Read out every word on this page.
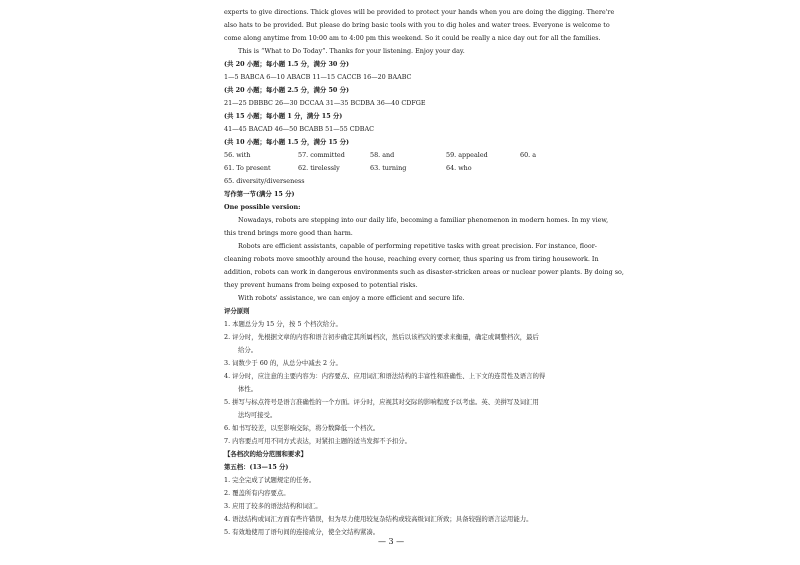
experts to give directions. Thick gloves will be provided to protect your hands when you are doing the digging. There're

also hats to be provided. But please do bring basic tools with you to dig holes and water trees. Everyone is welcome to

come along anytime from 10:00 am to 4:00 pm this weekend. So it could be really a nice day out for all the families.

This is “What to Do Today”. Thanks for your listening. Enjoy your day.

(共 20 小题；每小题 1.5 分，满分 30 分)

1—5 BABCA 6—10 ABACB 11—15 CACCB 16—20 BAABC

(共 20 小题；每小题 2.5 分，满分 50 分)

21—25 DBBBC 26—30 DCCAA 31—35 BCDBA 36—40 CDFGE

(共 15 小题；每小题 1 分，满分 15 分)

41—45 BACAD 46—50 BCABB 51—55 CDBAC

(共 10 小题；每小题 1.5 分，满分 15 分)

56. with	57. committed	58. and	59. appealed	60. a
61. To present	62. tirelessly	63. turning	64. who

65. diversity/diverseness

写作第一节(满分 15 分)

One possible version:

Nowadays, robots are stepping into our daily life, becoming a familiar phenomenon in modern homes. In my view,

this trend brings more good than harm.

Robots are efficient assistants, capable of performing repetitive tasks with great precision. For instance, floor-

cleaning robots move smoothly around the house, reaching every corner, thus sparing us from tiring housework. In

addition, robots can work in dangerous environments such as disaster-stricken areas or nuclear power plants. By doing so,

they prevent humans from being exposed to potential risks.

With robots' assistance, we can enjoy a more efficient and secure life.

评分原则

1. 本题总分为 15 分，按 5 个档次给分。

2. 评分时，先根据文章的内容和语言初步确定其所属档次，然后以该档次的要求来衡量，确定或调整档次，最后

给分。

3. 词数少于 60 的，从总分中减去 2 分。

4. 评分时，应注意的主要内容为：内容要点、应用词汇和语法结构的丰富性和准确性、上下文的连贯性及语言的得

体性。

5. 拼写与标点符号是语言准确性的一个方面。评分时，应视其对交际的影响程度予以考虑。英、美拼写及词汇用

法均可接受。

6. 如书写较差，以至影响交际，将分数降低一个档次。

7. 内容要点可用不同方式表达，对紧扣主题的适当发挥不予扣分。

【各档次的给分范围和要求】

第五档：(13—15 分)

1. 完全完成了试题规定的任务。

2. 覆盖所有内容要点。

3. 应用了较多的语法结构和词汇。

4. 语法结构或词汇方面有些许错误，但为尽力使用较复杂结构或较高级词汇所致；具备较强的语言运用能力。

5. 有效地使用了语句间的连接成分，使全文结构紧凑。

— 3 —
